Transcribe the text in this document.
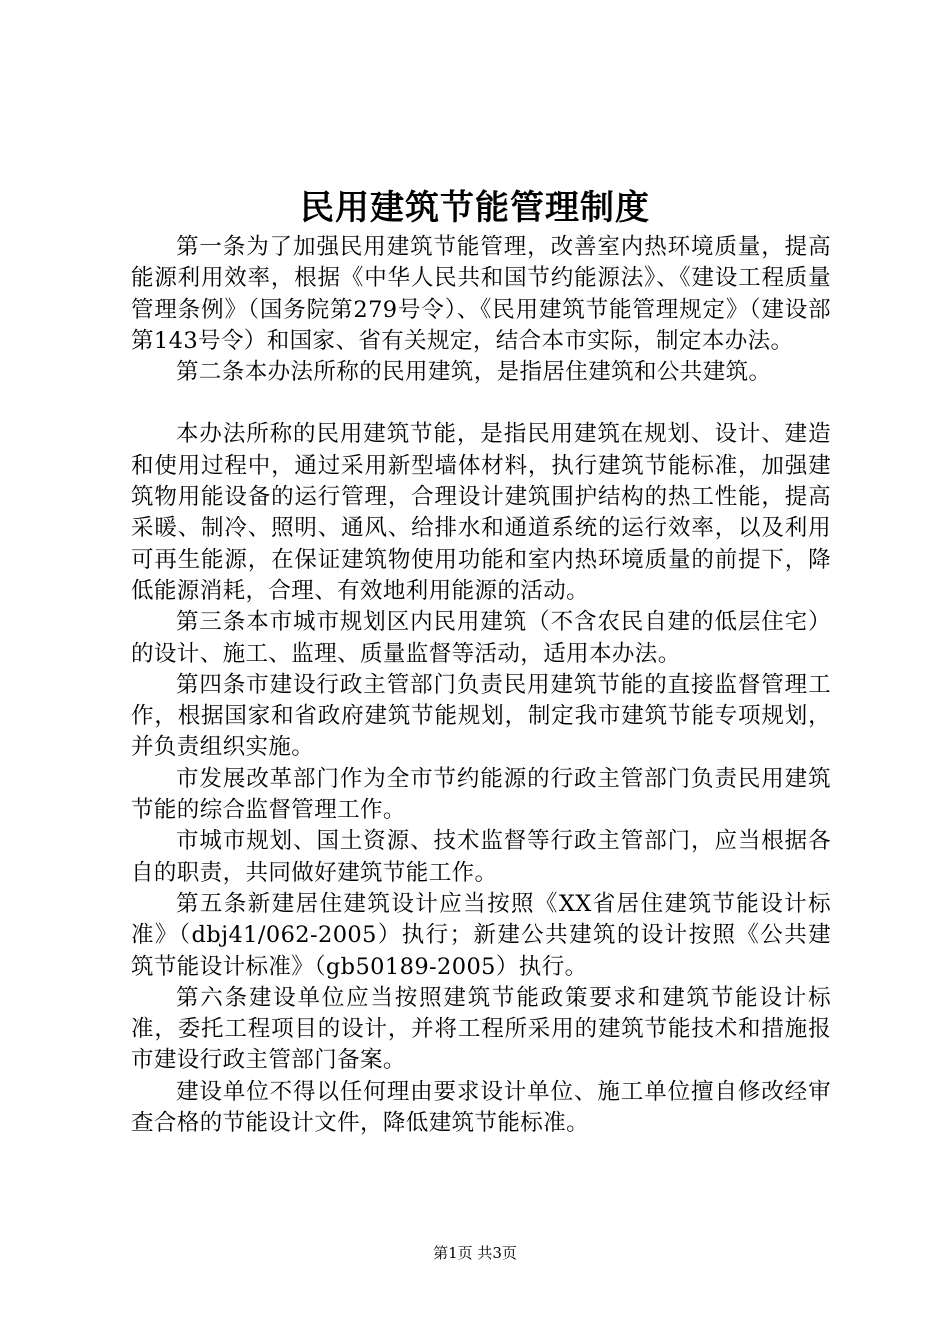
民用建筑节能管理制度

第一条为了加强民用建筑节能管理，改善室内热环境质量，提高能源利用效率，根据《中华人民共和国节约能源法》、《建设工程质量管理条例》（国务院第279号令）、《民用建筑节能管理规定》（建设部第143号令）和国家、省有关规定，结合本市实际，制定本办法。

第二条本办法所称的民用建筑，是指居住建筑和公共建筑。

本办法所称的民用建筑节能，是指民用建筑在规划、设计、建造和使用过程中，通过采用新型墙体材料，执行建筑节能标准，加强建筑物用能设备的运行管理，合理设计建筑围护结构的热工性能，提高采暖、制冷、照明、通风、给排水和通道系统的运行效率，以及利用可再生能源，在保证建筑物使用功能和室内热环境质量的前提下，降低能源消耗，合理、有效地利用能源的活动。

第三条本市城市规划区内民用建筑（不含农民自建的低层住宅）的设计、施工、监理、质量监督等活动，适用本办法。

第四条市建设行政主管部门负责民用建筑节能的直接监督管理工作，根据国家和省政府建筑节能规划，制定我市建筑节能专项规划，并负责组织实施。

市发展改革部门作为全市节约能源的行政主管部门负责民用建筑节能的综合监督管理工作。

市城市规划、国土资源、技术监督等行政主管部门，应当根据各自的职责，共同做好建筑节能工作。

第五条新建居住建筑设计应当按照《XX省居住建筑节能设计标准》（dbj41/062-2005）执行；新建公共建筑的设计按照《公共建筑节能设计标准》（gb50189-2005）执行。

第六条建设单位应当按照建筑节能政策要求和建筑节能设计标准，委托工程项目的设计，并将工程所采用的建筑节能技术和措施报市建设行政主管部门备案。

建设单位不得以任何理由要求设计单位、施工单位擅自修改经审查合格的节能设计文件，降低建筑节能标准。

第1页 共3页
